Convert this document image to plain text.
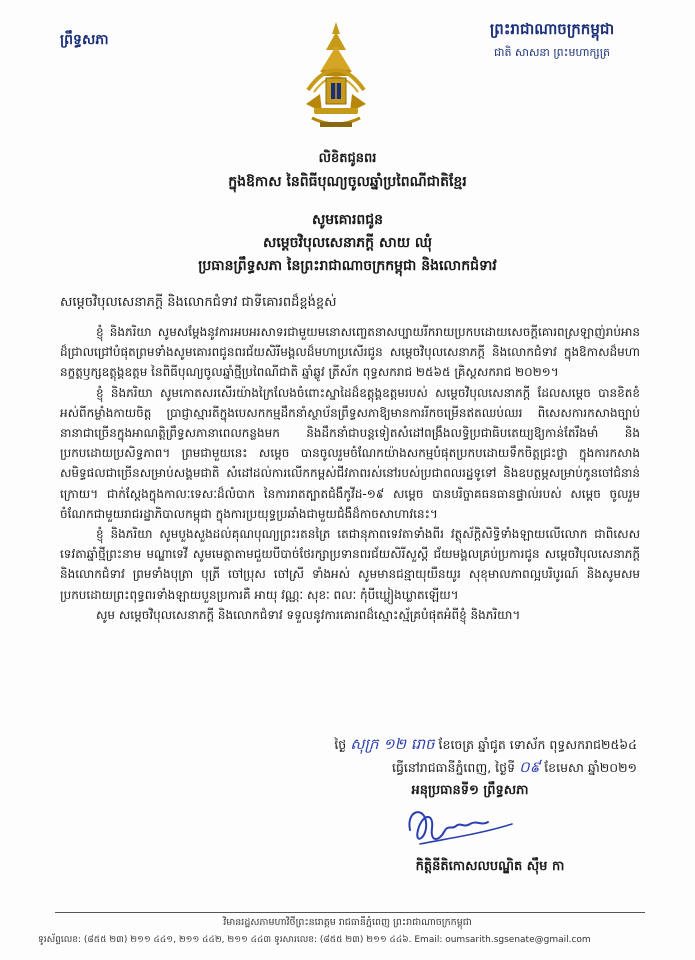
ព្រឹទ្ធសភា
ព្រះរាជាណាចក្រកម្ពុជា
ជាតិ សាសនា ព្រះមហាក្សត្រ
លិខិតជូនពរ
ក្នុងឱកាស នៃពិធីបុណ្យចូលឆ្នាំប្រពៃណីជាតិខ្មែរ
សូមគោរពជូន
សម្តេចវិបុលសេនាភក្តី សាយ ឈុំ
ប្រធានព្រឹទ្ធសភា នៃព្រះរាជាណាចក្រកម្ពុជា និងលោកជំទាវ
សម្តេចវិបុលសេនាភក្តី និងលោកជំទាវ ជាទីគោរពដ៏ខ្ពង់ខ្ពស់

ខ្ញុំ និងភរិយា សូមសម្តែងនូវការអបអរសាទរជាមួយមនោសញ្ចេតនាសប្បាយរីករាយប្រកបដោយសេចក្តីគោរពស្រឡាញ់រាប់អានដ៏ជ្រាលជ្រៅបំផុតព្រមទាំងសូមគោរពជូនពរជ័យសិរីមង្គលដ៏មហាប្រសើរជូន សម្តេចវិបុលសេនាភក្តី និងលោកជំទាវ ក្នុងឱកាសដ៏មហានក្ខត្តឫក្សឧត្តុង្គឧត្តម នៃពិធីបុណ្យចូលឆ្នាំថ្មីប្រពៃណីជាតិ ឆ្នាំឆ្លូវ ត្រីស័ក ពុទ្ធសករាជ ២៥៦៥ គ្រិស្តសករាជ ២០២១។

ខ្ញុំ និងភរិយា សូមកោតសរសើរយ៉ាងក្រៃលែងចំពោះស្នាដៃដ៏ឧត្តុង្គឧត្តមរបស់ សម្តេចវិបុលសេនាភក្តី ដែលសម្តេច បានខិតខំអស់ពីកម្លាំងកាយចិត្ត ប្រាជ្ញាស្មារតីក្នុងបេសកកម្មដឹកនាំស្ថាប័នព្រឹទ្ធសភាឱ្យមានការរីកចម្រើនឥតឈប់ឈរ ពិសេសការកសាងច្បាប់នានាជាច្រើនក្នុងអាណត្តិព្រឹទ្ធសភានាពេលកន្លងមក និងដឹកនាំជាបន្តទៀតសំដៅពង្រឹងលទ្ធិប្រជាធិបតេយ្យឱ្យកាន់តែរឹងមាំ និងប្រកបដោយប្រសិទ្ធភាព។ ព្រមជាមួយនេះ សម្តេច បានចូលរួមចំណែកយ៉ាងសកម្មបំផុតប្រកបដោយទឹកចិត្តជ្រះថ្លា ក្នុងការកសាងសមិទ្ធផលជាច្រើនសម្រាប់សង្គមជាតិ សំដៅដល់ការលើកកម្ពស់ជីវភាពរស់នៅរបស់ប្រជាពលរដ្ឋទូទៅ និងឧបត្ថម្ភសម្រាប់កូនចៅជំនាន់ក្រោយ។ ជាក់ស្តែងក្នុងកាលៈទេសៈដ៏លំបាក នៃការរាតត្បាតជំងឺកូវីដ-១៩ សម្តេច បានបរិច្ចាគធនធានផ្ទាល់របស់ សម្តេច ចូលរួមចំណែកជាមួយរាជរដ្ឋាភិបាលកម្ពុជា ក្នុងការប្រយុទ្ធប្រឆាំងជាមួយជំងឺដ៏កាចសាហាវនេះ។

ខ្ញុំ និងភរិយា សូមបួងសួងដល់គុណបុណ្យព្រះរតនត្រៃ តេជានុភាពទេវតាទាំងពីរ វត្ថុស័ក្តិសិទ្ធិទាំងឡាយលើលោក ជាពិសេស ទេវតាឆ្នាំថ្មីព្រះនាម មណ្ឌាទេវី សូមមេត្តាតាមជួយបីបាច់ថែរក្សាប្រទានពរជ័យសិរីសួស្តី ជ័យមង្គលគ្រប់ប្រការជូន សម្តេចវិបុលសេនាភក្តី និងលោកជំទាវ ព្រមទាំងបុត្រា បុត្រី ចៅប្រុស ចៅស្រី ទាំងអស់ សូមមានជន្មាយុយឺនយូរ សុខុមាលភាពល្អបរិបូរណ៍ និងសូមសមប្រកបដោយព្រះពុទ្ធពរទាំងឡាយបួនប្រការគឺ អាយុ វណ្ណៈ សុខៈ ពលៈ កុំបីឃ្លៀងឃ្លាតឡើយ។

សូម សម្តេចវិបុលសេនាភក្តី និងលោកជំទាវ ទទួលនូវការគោរពដ៏ស្មោះស្ម័គ្របំផុតអំពីខ្ញុំ និងភរិយា។

ថ្ងៃ សុក្រ ១២ រោច ខែចេត្រ ឆ្នាំជូត ទោស័ក ពុទ្ធសករាជ២៥៦៤
ធ្វើនៅរាជធានីភ្នំពេញ, ថ្ងៃទី ០៩ ខែមេសា ឆ្នាំ២០២១
អនុប្រធានទី១ ព្រឹទ្ធសភា
កិត្តិនីតិកោសលបណ្ឌិត ស៊ឹម កា
វិមានរដ្ឋសភាមហាវិថីព្រះនរោត្តម រាជធានីភ្នំពេញ ព្រះរាជាណាចក្រកម្ពុជា
ទូរស័ព្ទលេខ: (៨៥៥ ២៣) ២១១ ៤៤១, ២១១ ៤៤២, ២១១ ៤៤៣ ទូរសារលេខ: (៨៥៥ ២៣) ២១១ ៤៤៦. Email: oumsarith.sgsenate@gmail.com
